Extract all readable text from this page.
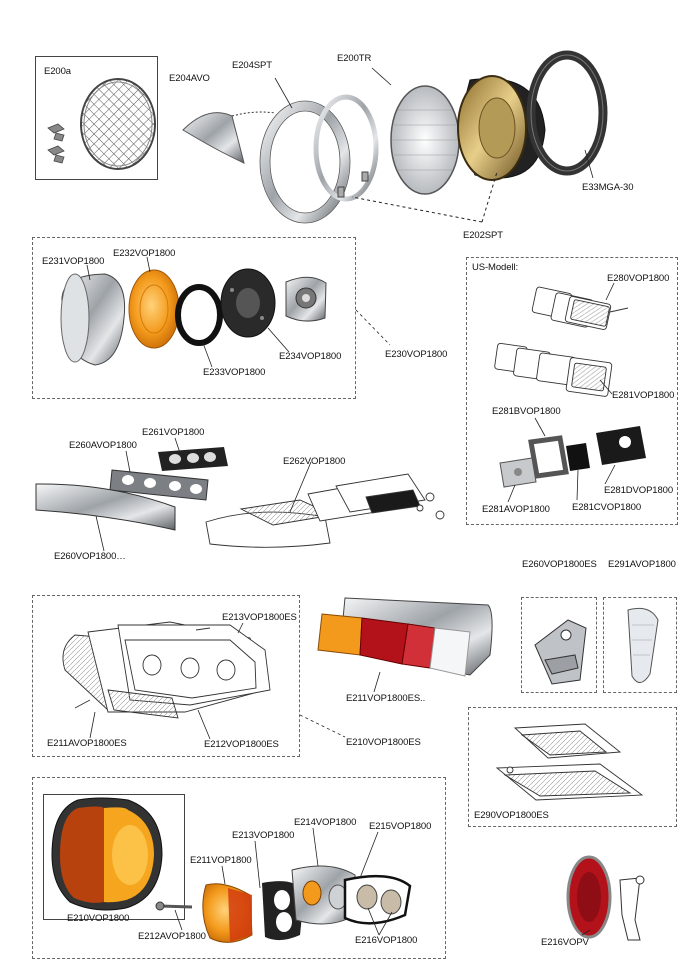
E200a
E204AVO
E204SPT
E200TR
E33MGA-30
E202SPT
E231VOP1800
E232VOP1800
E233VOP1800
E234VOP1800	E230VOP1800
US-Modell:
E280VOP1800
E281VOP1800
E281BVOP1800
E281DVOP1800
E281CVOP1800
E281AVOP1800
E261VOP1800
E260AVOP1800
E262VOP1800
E260VOP1800…
E260VOP1800ES E291AVOP1800
E290VOP1800ES
E216VOPV
E213VOP1800ES
E211AVOP1800ES	E212VOP1800ES	E210VOP1800ES
E211VOP1800ES..
E214VOP1800 E215VOP1800
E213VOP1800
E211VOP1800
E210VOP1800
E212AVOP1800	E216VOP1800
